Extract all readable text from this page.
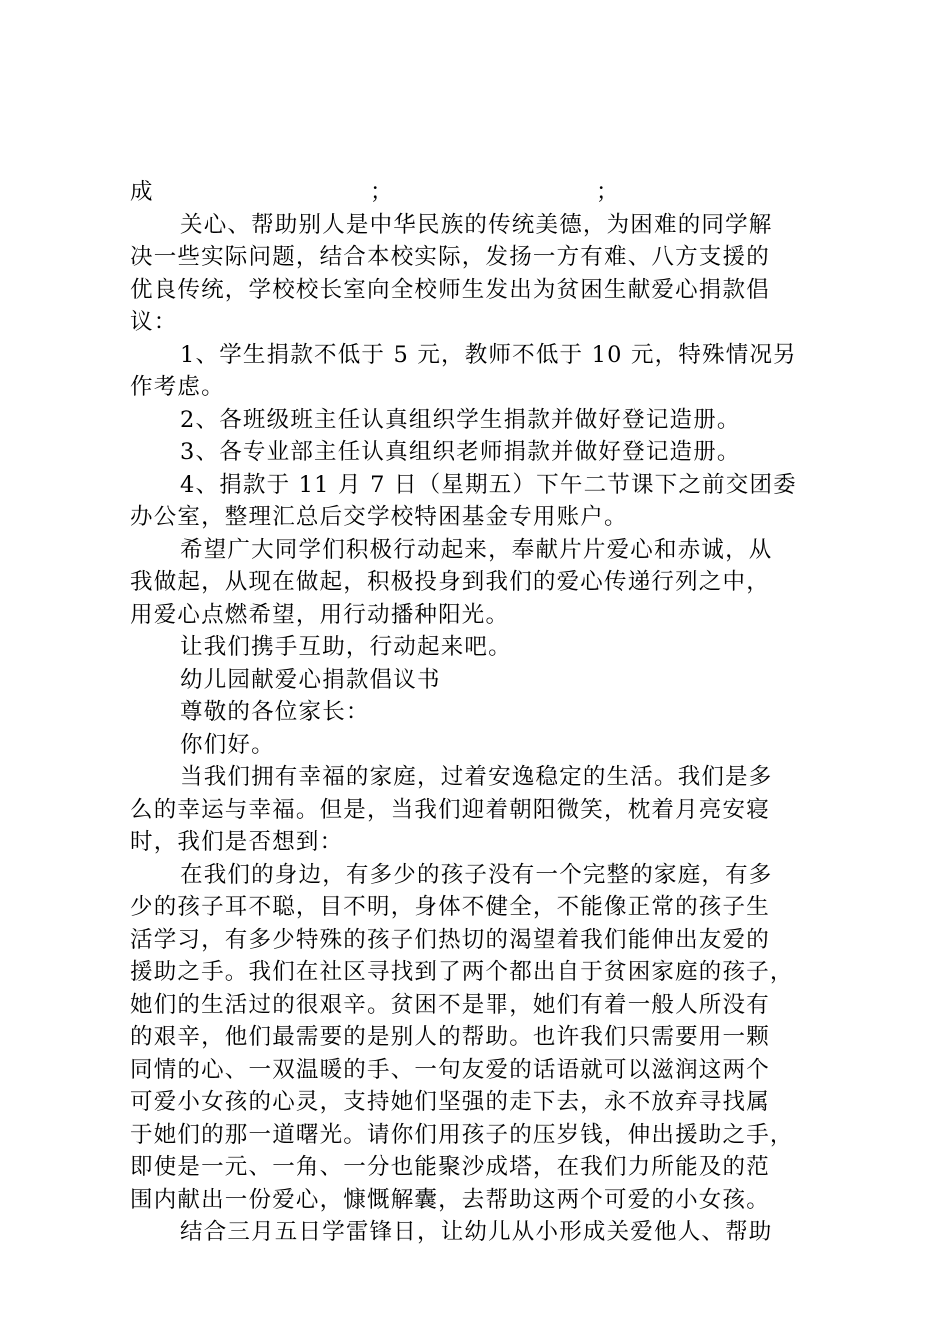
成	；	；
关心、帮助别人是中华民族的传统美德，为困难的同学解
决一些实际问题，结合本校实际，发扬一方有难、八方支援的
优良传统，学校校长室向全校师生发出为贫困生献爱心捐款倡
议：
1、学生捐款不低于 5 元，教师不低于 10 元，特殊情况另
作考虑。
2、各班级班主任认真组织学生捐款并做好登记造册。
3、各专业部主任认真组织老师捐款并做好登记造册。
4、捐款于 11 月 7 日（星期五）下午二节课下之前交团委
办公室，整理汇总后交学校特困基金专用账户。
希望广大同学们积极行动起来，奉献片片爱心和赤诚，从
我做起，从现在做起，积极投身到我们的爱心传递行列之中，
用爱心点燃希望，用行动播种阳光。
让我们携手互助，行动起来吧。
幼儿园献爱心捐款倡议书
尊敬的各位家长：
你们好。
当我们拥有幸福的家庭，过着安逸稳定的生活。我们是多
么的幸运与幸福。但是，当我们迎着朝阳微笑，枕着月亮安寝
时，我们是否想到：
在我们的身边，有多少的孩子没有一个完整的家庭，有多
少的孩子耳不聪，目不明，身体不健全，不能像正常的孩子生
活学习，有多少特殊的孩子们热切的渴望着我们能伸出友爱的
援助之手。我们在社区寻找到了两个都出自于贫困家庭的孩子，
她们的生活过的很艰辛。贫困不是罪，她们有着一般人所没有
的艰辛，他们最需要的是别人的帮助。也许我们只需要用一颗
同情的心、一双温暖的手、一句友爱的话语就可以滋润这两个
可爱小女孩的心灵，支持她们坚强的走下去，永不放弃寻找属
于她们的那一道曙光。请你们用孩子的压岁钱，伸出援助之手，
即使是一元、一角、一分也能聚沙成塔，在我们力所能及的范
围内献出一份爱心，慷慨解囊，去帮助这两个可爱的小女孩。
结合三月五日学雷锋日，让幼儿从小形成关爱他人、帮助
